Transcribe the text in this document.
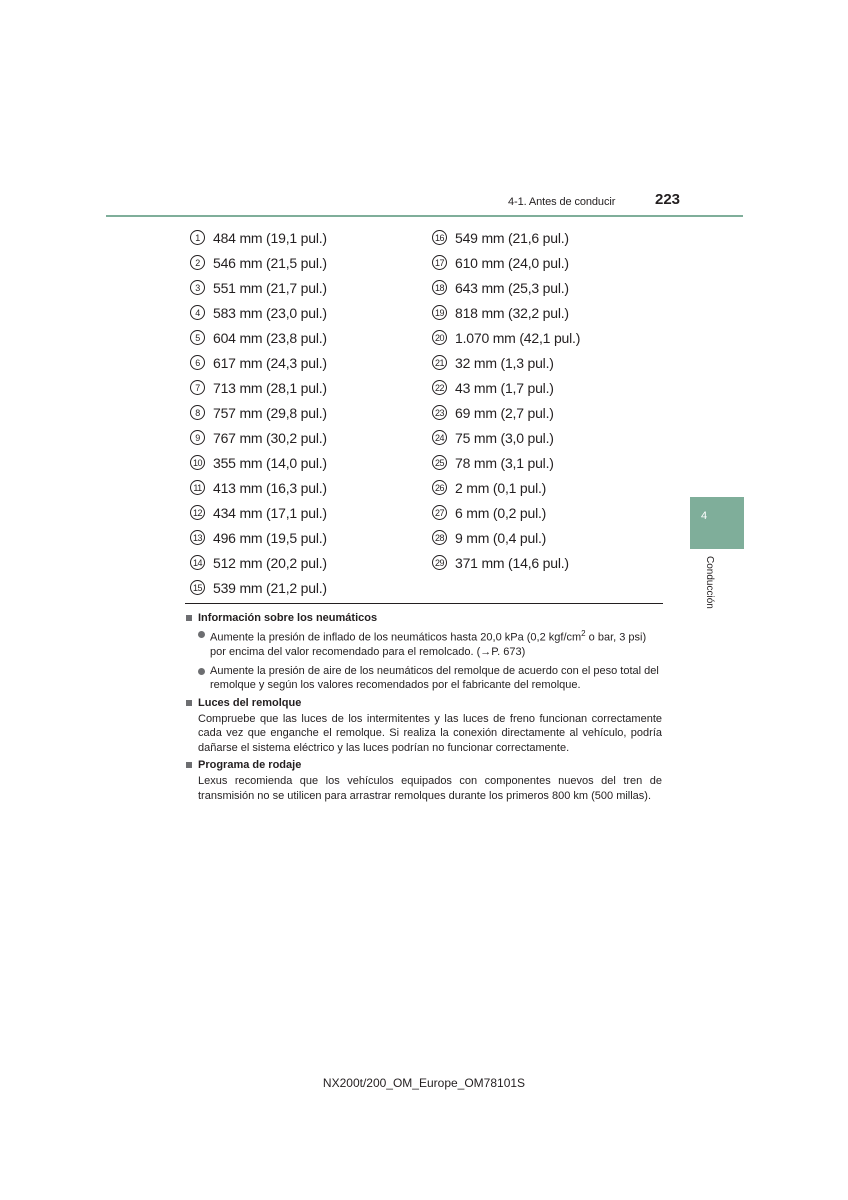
4-1. Antes de conducir	223
4
Conducción
1 484 mm (19,1 pul.)
2 546 mm (21,5 pul.)
3 551 mm (21,7 pul.)
4 583 mm (23,0 pul.)
5 604 mm (23,8 pul.)
6 617 mm (24,3 pul.)
7 713 mm (28,1 pul.)
8 757 mm (29,8 pul.)
9 767 mm (30,2 pul.)
10 355 mm (14,0 pul.)
11 413 mm (16,3 pul.)
12 434 mm (17,1 pul.)
13 496 mm (19,5 pul.)
14 512 mm (20,2 pul.)
15 539 mm (21,2 pul.)
16 549 mm (21,6 pul.)
17 610 mm (24,0 pul.)
18 643 mm (25,3 pul.)
19 818 mm (32,2 pul.)
20 1.070 mm (42,1 pul.)
21 32 mm (1,3 pul.)
22 43 mm (1,7 pul.)
23 69 mm (2,7 pul.)
24 75 mm (3,0 pul.)
25 78 mm (3,1 pul.)
26 2 mm (0,1 pul.)
27 6 mm (0,2 pul.)
28 9 mm (0,4 pul.)
29 371 mm (14,6 pul.)
Información sobre los neumáticos
Aumente la presión de inflado de los neumáticos hasta 20,0 kPa (0,2 kgf/$cm^2$ o bar, 3 psi) por encima del valor recomendado para el remolcado. (→P. 673)
Aumente la presión de aire de los neumáticos del remolque de acuerdo con el peso total del remolque y según los valores recomendados por el fabricante del remolque.
Luces del remolque
Compruebe que las luces de los intermitentes y las luces de freno funcionan correctamente cada vez que enganche el remolque. Si realiza la conexión directamente al vehículo, podría dañarse el sistema eléctrico y las luces podrían no funcionar correctamente.
Programa de rodaje
Lexus recomienda que los vehículos equipados con componentes nuevos del tren de transmisión no se utilicen para arrastrar remolques durante los primeros 800 km (500 millas).
NX200t/200_OM_Europe_OM78101S
